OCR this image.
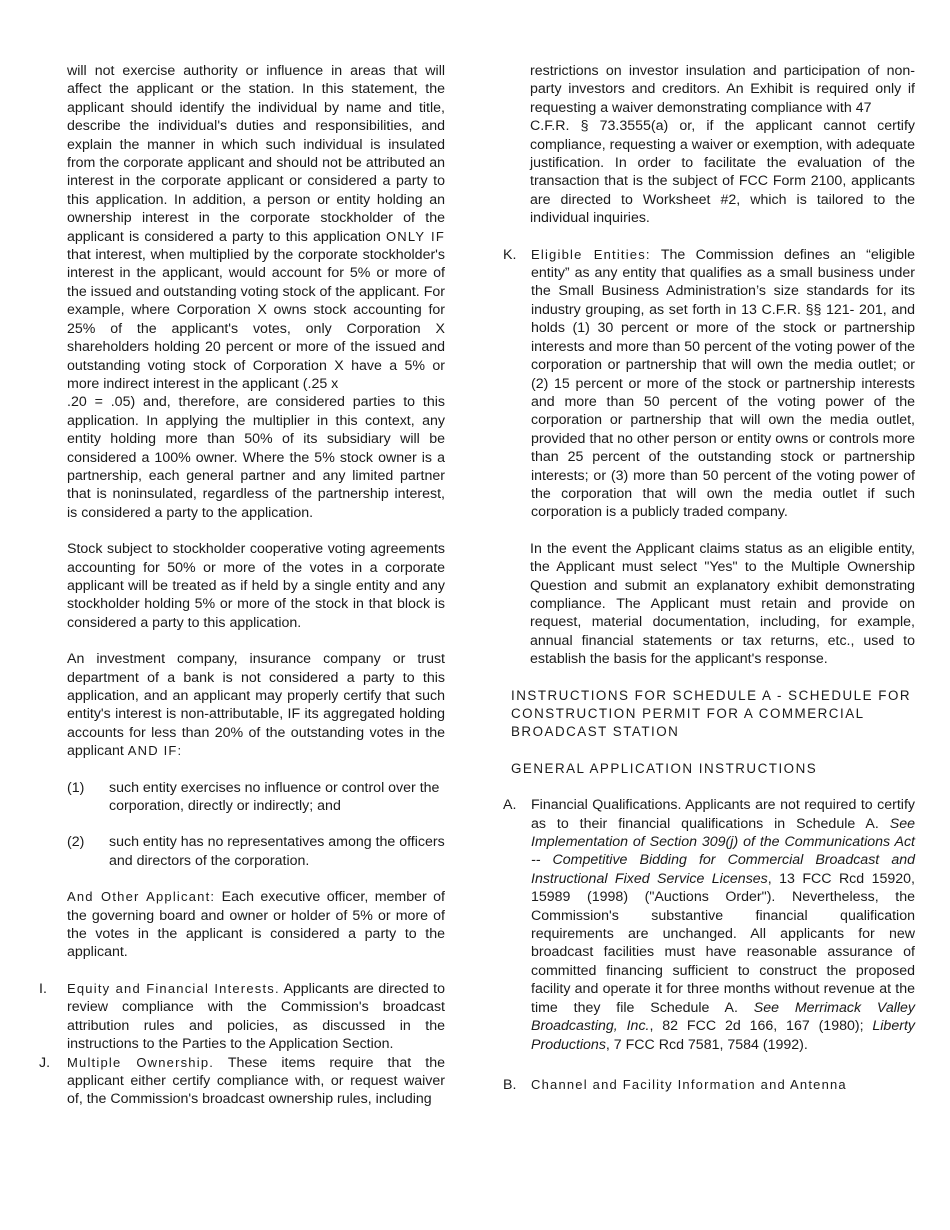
will not exercise authority or influence in areas that will affect the applicant or the station. In this statement, the applicant should identify the individual by name and title, describe the individual's duties and responsibilities, and explain the manner in which such individual is insulated from the corporate applicant and should not be attributed an interest in the corporate applicant or considered a party to this application. In addition, a person or entity holding an ownership interest in the corporate stockholder of the applicant is considered a party to this application ONLY IF that interest, when multiplied by the corporate stockholder's interest in the applicant, would account for 5% or more of the issued and outstanding voting stock of the applicant. For example, where Corporation X owns stock accounting for 25% of the applicant's votes, only Corporation X shareholders holding 20 percent or more of the issued and outstanding voting stock of Corporation X have a 5% or more indirect interest in the applicant (.25 x

.20 = .05) and, therefore, are considered parties to this application. In applying the multiplier in this context, any entity holding more than 50% of its subsidiary will be considered a 100% owner. Where the 5% stock owner is a partnership, each general partner and any limited partner that is noninsulated, regardless of the partnership interest, is considered a party to the application.

Stock subject to stockholder cooperative voting agreements accounting for 50% or more of the votes in a corporate applicant will be treated as if held by a single entity and any stockholder holding 5% or more of the stock in that block is considered a party to this application.

An investment company, insurance company or trust department of a bank is not considered a party to this application, and an applicant may properly certify that such entity's interest is non-attributable, IF its aggregated holding accounts for less than 20% of the outstanding votes in the applicant AND IF:

(1) such entity exercises no influence or control over the corporation, directly or indirectly; and

(2) such entity has no representatives among the officers and directors of the corporation.

And Other Applicant: Each executive officer, member of the governing board and owner or holder of 5% or more of the votes in the applicant is considered a party to the applicant.

I. Equity and Financial Interests. Applicants are directed to review compliance with the Commission's broadcast attribution rules and policies, as discussed in the instructions to the Parties to the Application Section.

J. Multiple Ownership. These items require that the applicant either certify compliance with, or request waiver of, the Commission's broadcast ownership rules, including

restrictions on investor insulation and participation of non-party investors and creditors. An Exhibit is required only if requesting a waiver demonstrating compliance with 47

C.F.R. § 73.3555(a) or, if the applicant cannot certify compliance, requesting a waiver or exemption, with adequate justification. In order to facilitate the evaluation of the transaction that is the subject of FCC Form 2100, applicants are directed to Worksheet #2, which is tailored to the individual inquiries.

K. Eligible Entities: The Commission defines an “eligible entity” as any entity that qualifies as a small business under the Small Business Administration’s size standards for its industry grouping, as set forth in 13 C.F.R. §§ 121- 201, and holds (1) 30 percent or more of the stock or partnership interests and more than 50 percent of the voting power of the corporation or partnership that will own the media outlet; or (2) 15 percent or more of the stock or partnership interests and more than 50 percent of the voting power of the corporation or partnership that will own the media outlet, provided that no other person or entity owns or controls more than 25 percent of the outstanding stock or partnership interests; or (3) more than 50 percent of the voting power of the corporation that will own the media outlet if such corporation is a publicly traded company.

In the event the Applicant claims status as an eligible entity, the Applicant must select "Yes" to the Multiple Ownership Question and submit an explanatory exhibit demonstrating compliance. The Applicant must retain and provide on request, material documentation, including, for example, annual financial statements or tax returns, etc., used to establish the basis for the applicant's response.

INSTRUCTIONS FOR SCHEDULE A - SCHEDULE FOR
CONSTRUCTION PERMIT FOR A COMMERCIAL
BROADCAST STATION
GENERAL APPLICATION INSTRUCTIONS

A. Financial Qualifications. Applicants are not required to certify as to their financial qualifications in Schedule A. See Implementation of Section 309(j) of the Communications Act -- Competitive Bidding for Commercial Broadcast and Instructional Fixed Service Licenses, 13 FCC Rcd 15920, 15989 (1998) ("Auctions Order"). Nevertheless, the Commission's substantive financial qualification requirements are unchanged. All applicants for new broadcast facilities must have reasonable assurance of committed financing sufficient to construct the proposed facility and operate it for three months without revenue at the time they file Schedule A. See Merrimack Valley Broadcasting, Inc., 82 FCC 2d 166, 167 (1980); Liberty Productions, 7 FCC Rcd 7581, 7584 (1992).

B. Channel and Facility Information and Antenna
